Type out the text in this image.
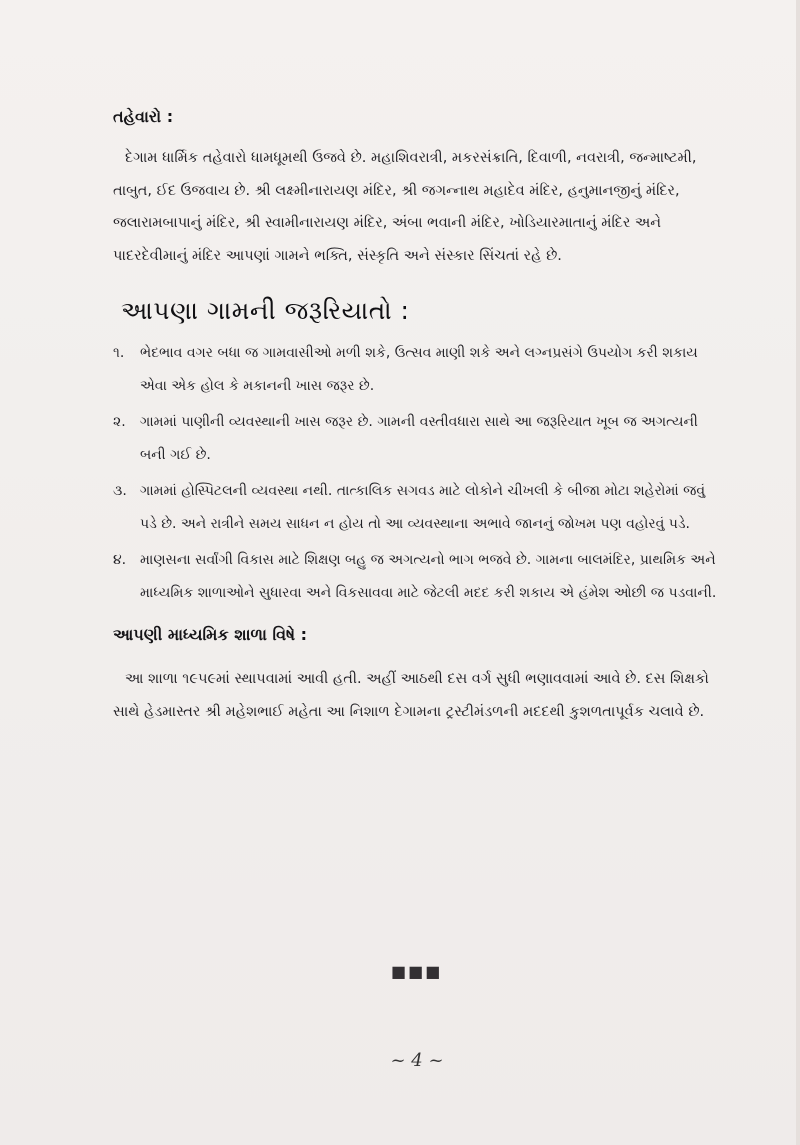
તહેવારો :

દેગામ ધાર્મિક તહેવારો ધામધૂમથી ઉજવે છે. મહાશિવરાત્રી, મકરસંક્રાતિ, દિવાળી, નવરાત્રી, જન્માષ્ટમી, તાબુત, ઈદ ઉજવાય છે. શ્રી લક્ષ્મીનારાયણ મંદિર, શ્રી જગન્નાથ મહાદેવ મંદિર, હનુમાનજીનું મંદિર, જલારામબાપાનું મંદિર, શ્રી સ્વામીનારાયણ મંદિર, અંબા ભવાની મંદિર, ખોડિયારમાતાનું મંદિર અને પાદરદેવીમાનું મંદિર આપણાં ગામને ભક્તિ, સંસ્કૃતિ અને સંસ્કાર સિંચતાં રહે છે.

આપણા ગામની જરૂરિયાતો :
૧.	ભેદભાવ વગર બધા જ ગામવાસીઓ મળી શકે, ઉત્સવ માણી શકે અને લગ્નપ્રસંગે ઉપયોગ કરી શકાય એવા એક હોલ કે મકાનની ખાસ જરૂર છે.
૨.	ગામમાં પાણીની વ્યવસ્થાની ખાસ જરૂર છે. ગામની વસ્તીવધારા સાથે આ જરૂરિયાત ખૂબ જ અગત્યની બની ગઈ છે.
૩. ગામમાં હોસ્પિટલની વ્યવસ્થા નથી. તાત્કાલિક સગવડ માટે લોકોને ચીખલી કે બીજા મોટા શહેરોમાં જવું પડે છે. અને રાત્રીને સમય સાધન ન હોય તો આ વ્યવસ્થાના અભાવે જાનનું જોખમ પણ વહોરવું પડે.
૪. માણસના સર્વાંગી વિકાસ માટે શિક્ષણ બહુ જ અગત્યનો ભાગ ભજવે છે. ગામના બાલમંદિર, પ્રાથમિક અને માધ્યમિક શાળાઓને સુધારવા અને વિકસાવવા માટે જેટલી મદદ કરી શકાય એ હંમેશ ઓછી જ પડવાની.
આપણી માધ્યમિક શાળા વિષે :

આ શાળા ૧૯૫૯માં સ્થાપવામાં આવી હતી. અહીં આઠથી દસ વર્ગ સુધી ભણાવવામાં આવે છે. દસ શિક્ષકો સાથે હેડમાસ્તર શ્રી મહેશભાઈ મહેતા આ નિશાળ દેગામના ટ્રસ્ટીમંડળની મદદથી કુશળતાપૂર્વક ચલાવે છે.

■■■
~ 4 ~
